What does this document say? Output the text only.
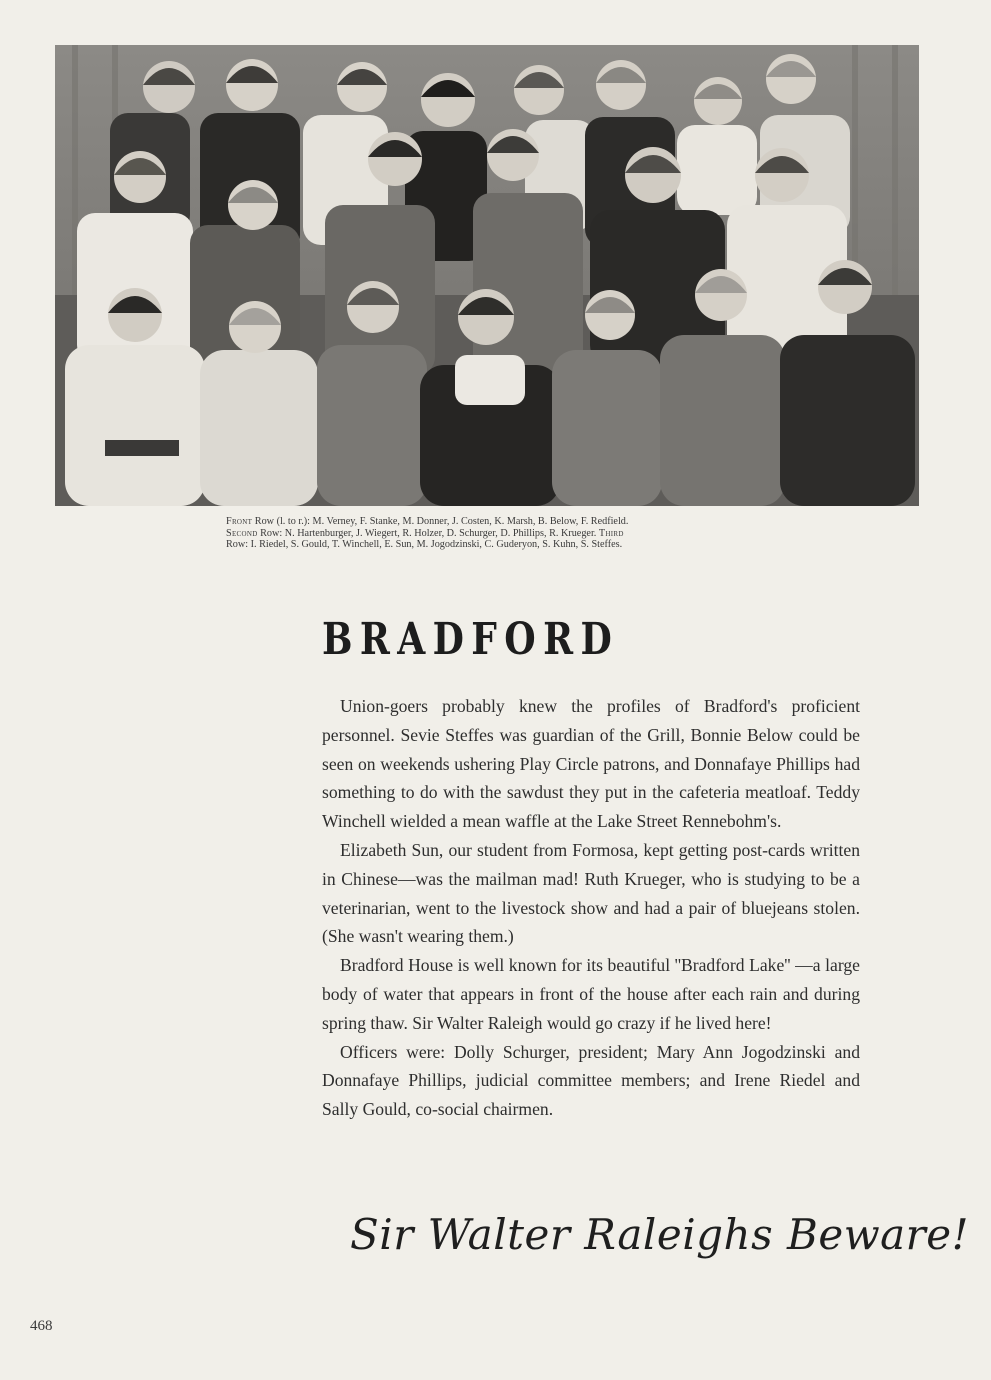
Front Row (l. to r.): M. Verney, F. Stanke, M. Donner, J. Costen, K. Marsh, B. Below, F. Redfield.
Second Row: N. Hartenburger, J. Wiegert, R. Holzer, D. Schurger, D. Phillips, R. Krueger. Third
Row: I. Riedel, S. Gould, T. Winchell, E. Sun, M. Jogodzinski, C. Guderyon, S. Kuhn, S. Steffes.

BRADFORD

Union-goers probably knew the profiles of Bradford's proficient personnel. Sevie Steffes was guardian of the Grill, Bonnie Below could be seen on weekends ushering Play Circle patrons, and Donnafaye Phillips had something to do with the sawdust they put in the cafeteria meatloaf. Teddy Winchell wielded a mean waffle at the Lake Street Rennebohm's.

Elizabeth Sun, our student from Formosa, kept getting post-cards written in Chinese—was the mailman mad! Ruth Krueger, who is studying to be a veterinarian, went to the livestock show and had a pair of bluejeans stolen. (She wasn't wearing them.)

Bradford House is well known for its beautiful ''Bradford Lake'' —a large body of water that appears in front of the house after each rain and during spring thaw. Sir Walter Raleigh would go crazy if he lived here!

Officers were: Dolly Schurger, president; Mary Ann Jogodzinski and Donnafaye Phillips, judicial committee members; and Irene Riedel and Sally Gould, co-social chairmen.

Sir Walter Raleighs Beware!

468
